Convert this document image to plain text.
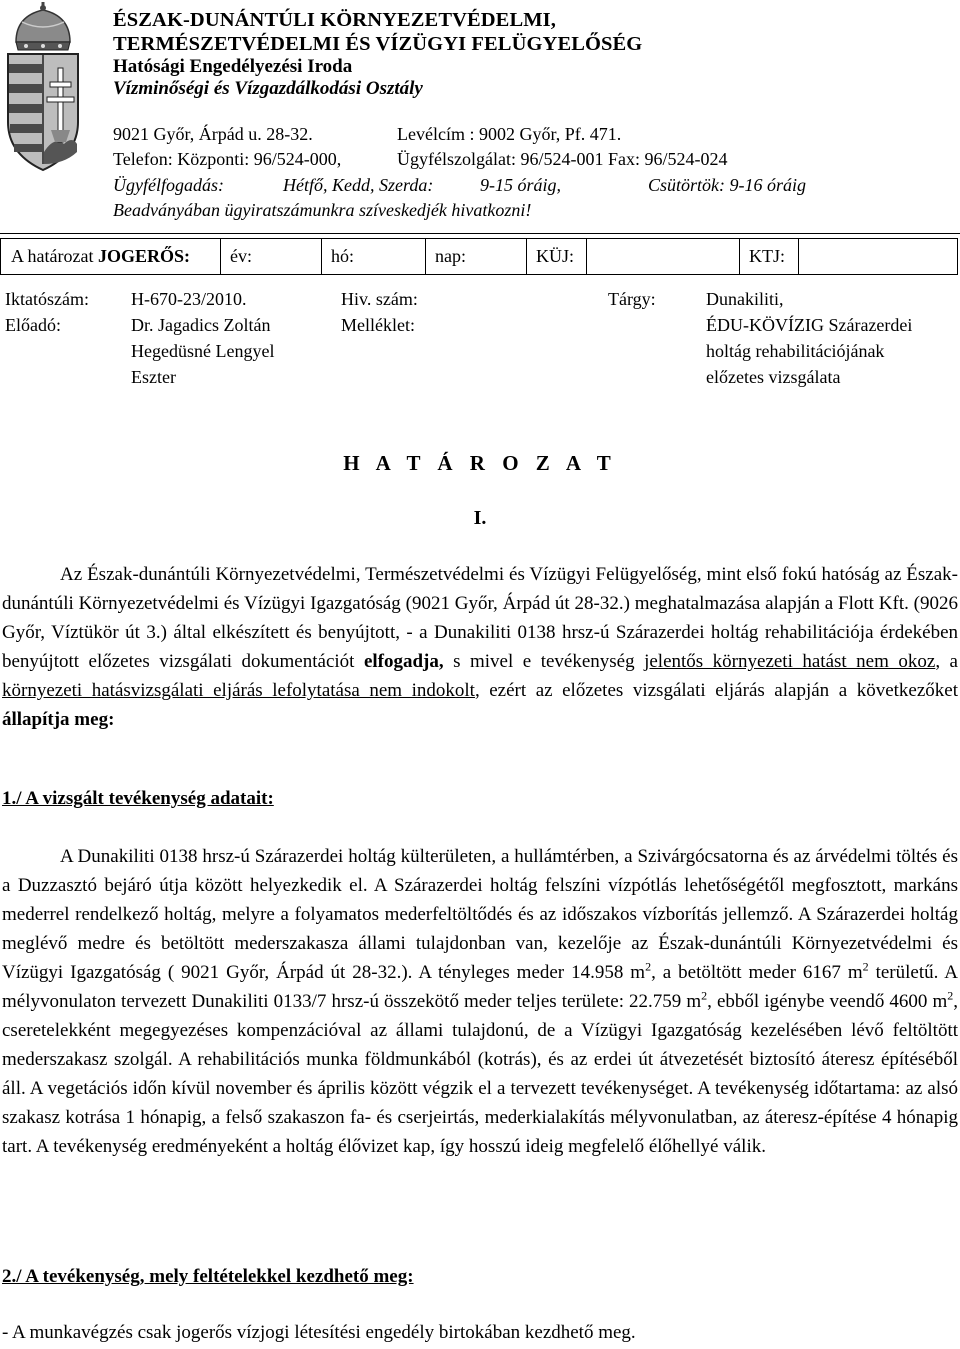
ÉSZAK-DUNÁNTÚLI KÖRNYEZETVÉDELMI,
TERMÉSZETVÉDELMI ÉS VÍZÜGYI FELÜGYELŐSÉG
Hatósági Engedélyezési Iroda
Vízminőségi és Vízgazdálkodási Osztály
9021 Győr, Árpád u. 28-32.	Levélcím : 9002 Győr, Pf. 471.
Telefon: Központi: 96/524-000,	Ügyfélszolgálat: 96/524-001 Fax: 96/524-024
Ügyfélfogadás:	Hétfő, Kedd, Szerda:	9-15 óráig,	Csütörtök: 9-16 óráig
Beadványában ügyiratszámunkra szíveskedjék hivatkozni!
A határozat JOGERŐS:	év:	hó:	nap:	KÜJ:	KTJ:
Iktatószám: H-670-23/2010.
Előadó:	Dr. Jagadics Zoltán
Hegedüsné Lengyel
Eszter
Hiv. szám:
Melléklet:
Tárgy:	Dunakiliti,
ÉDU-KÖVÍZIG Szárazerdei
holtág rehabilitációjának
előzetes vizsgálata
H A T Á R O Z A T
I.

Az Észak-dunántúli Környezetvédelmi, Természetvédelmi és Vízügyi Felügyelőség, mint első fokú hatóság az Észak-dunántúli Környezetvédelmi és Vízügyi Igazgatóság (9021 Győr, Árpád út 28-32.) meghatalmazása alapján a Flott Kft. (9026 Győr, Víztükör út 3.) által elkészített és benyújtott, - a Dunakiliti 0138 hrsz-ú Szárazerdei holtág rehabilitációja érdekében benyújtott előzetes vizsgálati dokumentációt elfogadja, s mivel e tevékenység jelentős környezeti hatást nem okoz, a környezeti hatásvizsgálati eljárás lefolytatása nem indokolt, ezért az előzetes vizsgálati eljárás alapján a következőket állapítja meg:

1./ A vizsgált tevékenység adatait:

A Dunakiliti 0138 hrsz-ú Szárazerdei holtág külterületen, a hullámtérben, a Szivárgócsatorna és az árvédelmi töltés és a Duzzasztó bejáró útja között helyezkedik el. A Szárazerdei holtág felszíni vízpótlás lehetőségétől megfosztott, markáns mederrel rendelkező holtág, melyre a folyamatos mederfeltöltődés és az időszakos vízborítás jellemző. A Szárazerdei holtág meglévő medre és betöltött mederszakasza állami tulajdonban van, kezelője az Észak-dunántúli Környezetvédelmi és Vízügyi Igazgatóság ( 9021 Győr, Árpád út 28-32.). A tényleges meder 14.958 $m^2$, a betöltött meder 6167 $m^2$ területű. A mélyvonulaton tervezett Dunakiliti 0133/7 hrsz-ú összekötő meder teljes területe: 22.759 $m^2$, ebből igénybe veendő 4600 $m^2$, cseretelekként megegyezéses kompenzációval az állami tulajdonú, de a Vízügyi Igazgatóság kezelésében lévő feltöltött mederszakasz szolgál. A rehabilitációs munka földmunkából (kotrás), és az erdei út átvezetését biztosító áteresz építéséből áll. A vegetációs időn kívül november és április között végzik el a tervezett tevékenységet. A tevékenység időtartama: az alsó szakasz kotrása 1 hónapig, a felső szakaszon fa- és cserjeirtás, mederkialakítás mélyvonulatban, az áteresz-építése 4 hónapig tart. A tevékenység eredményeként a holtág élővizet kap, így hosszú ideig megfelelő élőhellyé válik.

2./ A tevékenység, mely feltételekkel kezdhető meg:
- A munkavégzés csak jogerős vízjogi létesítési engedély birtokában kezdhető meg.
